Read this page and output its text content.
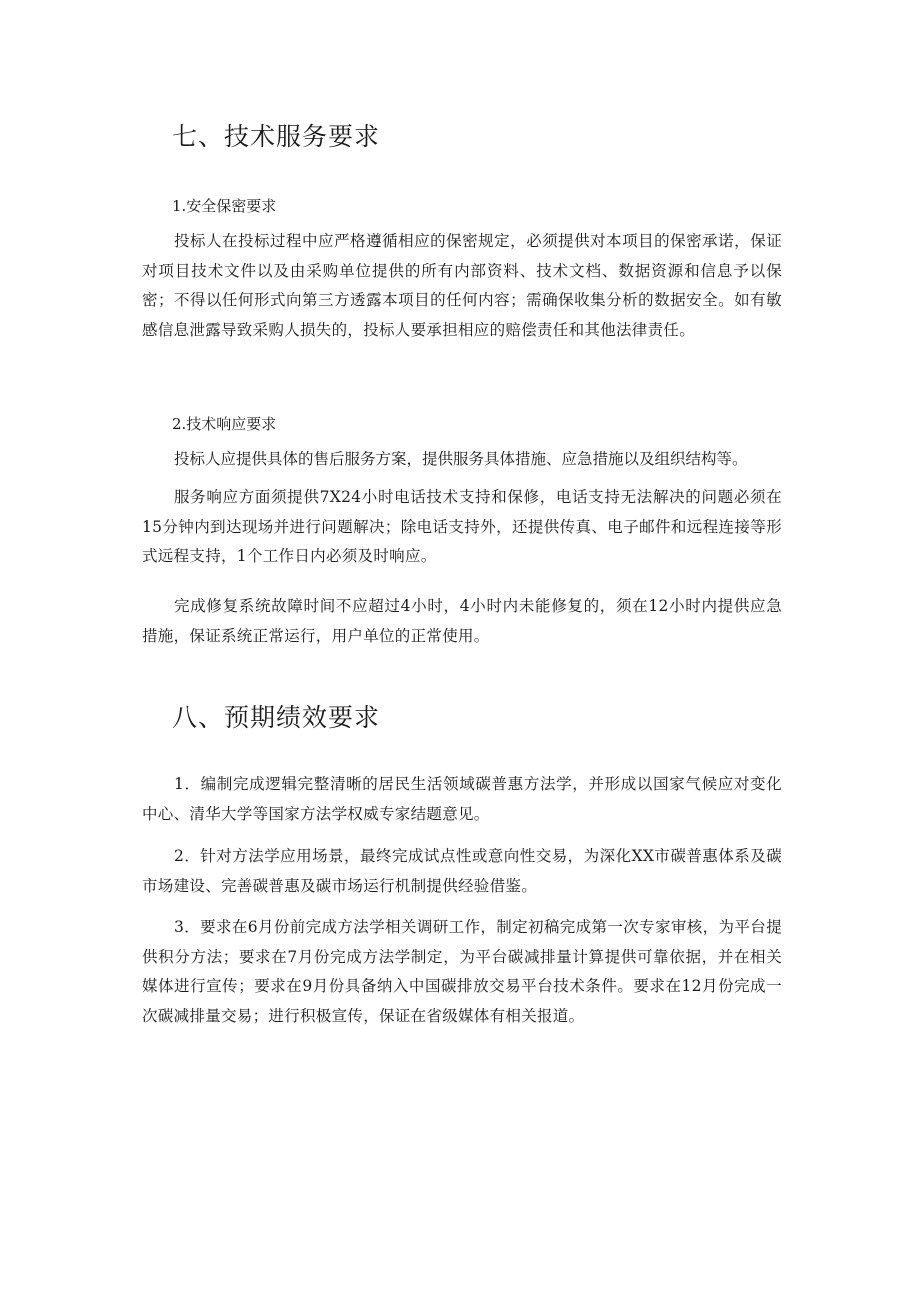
七、技术服务要求

1.安全保密要求

投标人在投标过程中应严格遵循相应的保密规定，必须提供对本项目的保密承诺，保证对项目技术文件以及由采购单位提供的所有内部资料、技术文档、数据资源和信息予以保密；不得以任何形式向第三方透露本项目的任何内容；需确保收集分析的数据安全。如有敏感信息泄露导致采购人损失的，投标人要承担相应的赔偿责任和其他法律责任。

2.技术响应要求

投标人应提供具体的售后服务方案，提供服务具体措施、应急措施以及组织结构等。

服务响应方面须提供7X24小时电话技术支持和保修，电话支持无法解决的问题必须在15分钟内到达现场并进行问题解决；除电话支持外，还提供传真、电子邮件和远程连接等形式远程支持，1个工作日内必须及时响应。

完成修复系统故障时间不应超过4小时，4小时内未能修复的，须在12小时内提供应急措施，保证系统正常运行，用户单位的正常使用。

八、预期绩效要求

1．编制完成逻辑完整清晰的居民生活领域碳普惠方法学，并形成以国家气候应对变化中心、清华大学等国家方法学权威专家结题意见。

2．针对方法学应用场景，最终完成试点性或意向性交易，为深化XX市碳普惠体系及碳市场建设、完善碳普惠及碳市场运行机制提供经验借鉴。

3．要求在6月份前完成方法学相关调研工作，制定初稿完成第一次专家审核，为平台提供积分方法；要求在7月份完成方法学制定，为平台碳减排量计算提供可靠依据，并在相关媒体进行宣传；要求在9月份具备纳入中国碳排放交易平台技术条件。要求在12月份完成一次碳减排量交易；进行积极宣传，保证在省级媒体有相关报道。
